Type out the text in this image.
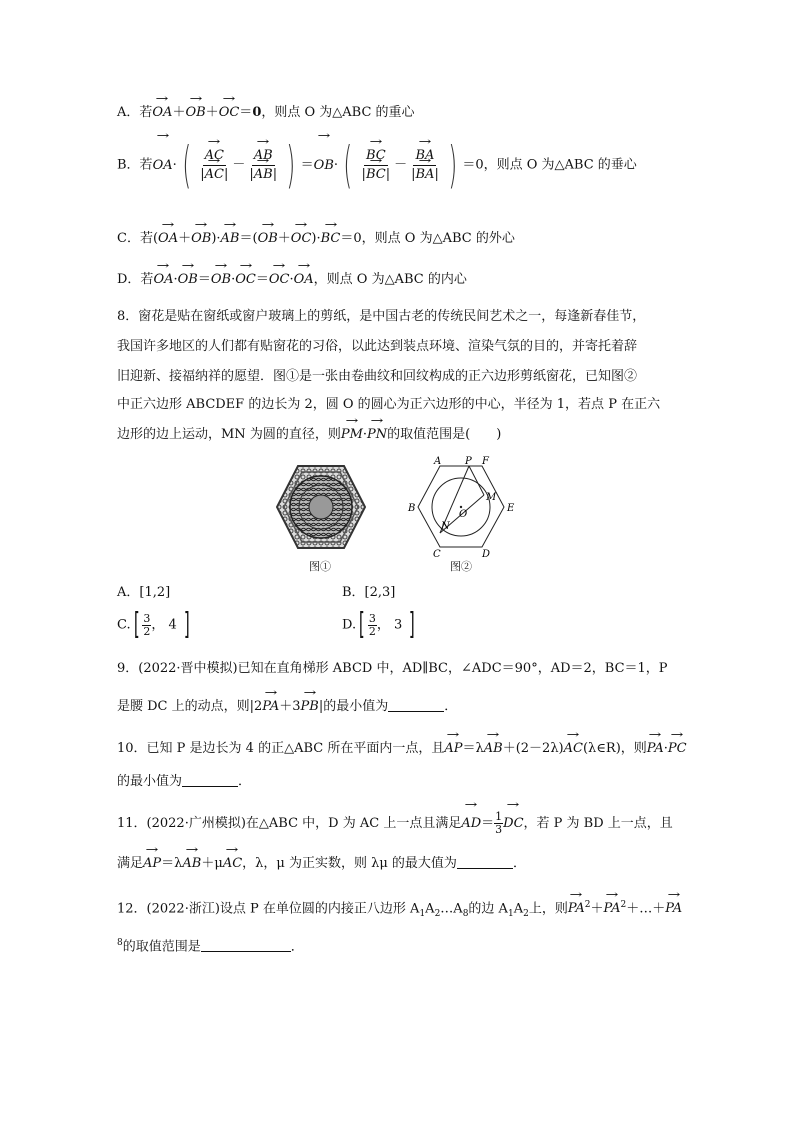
A．若→ OA＋→ OB＋→ OC＝0，则点 O 为△ABC 的重心
B．若→ OA· ( → $\frac{AC}{|\to AC|}$ － → $\frac{AB}{|\to AB|}$ ) ＝→ OB· ( → $\frac{BC}{|\to BC|}$ － → $\frac{BA}{|\to BA|}$ ) ＝0，则点 O 为△ABC 的垂心
C．若(→ OA＋→ OB)·→ AB＝(→ OB＋→ OC)·→ BC＝0，则点 O 为△ABC 的外心
D．若→ OA·→ OB＝→ OB·→ OC＝→ OC·→ OA，则点 O 为△ABC 的内心
8．窗花是贴在窗纸或窗户玻璃上的剪纸，是中国古老的传统民间艺术之一，每逢新春佳节，
我国许多地区的人们都有贴窗花的习俗，以此达到装点环境、渲染气氛的目的，并寄托着辞
旧迎新、接福纳祥的愿望．图①是一张由卷曲纹和回纹构成的正六边形剪纸窗花，已知图②
中正六边形 ABCDEF 的边长为 2，圆 O 的圆心为正六边形的中心，半径为 1，若点 P 在正六
边形的边上运动，MN 为圆的直径，则→ PM·→ PN的取值范围是(　　)
图①
A P F
B	E
C	D
M
O
N
图②
A．[1,2]	B．[2,3]
$C.[ \frac{3}{2}$ ， 4 ]	$D.[ \frac{3}{2}$ ， 3 ]
9．(2022·晋中模拟)已知在直角梯形 ABCD 中，AD∥BC，∠ADC＝90°，AD＝2，BC＝1，P
是腰 DC 上的动点，则|2→ PA＋3→ PB|的最小值为	．
10．已知 P 是边长为 4 的正△ABC 所在平面内一点，且→ AP＝λ→ AB＋(2－2λ)→ AC(λ∈R)，则→ PA·→ PC
的最小值为	．
11．(2022·广州模拟)在△ABC 中，D 为 AC 上一点且满足→ $AD= \frac{1}{3}$ → DC，若 P 为 BD 上一点，且
满足→ AP＝λ→ AB＋μ→ AC，λ，μ 为正实数，则 λμ 的最大值为	．
12．(2022·浙江)设点 P 在单位圆的内接正八边形 $A_1A_2\dots A_8$的边 $A_1A_2$上，则→ $PA^2+\to$ $PA^2+\dots+\to$ PA
$^8$的取值范围是	．
